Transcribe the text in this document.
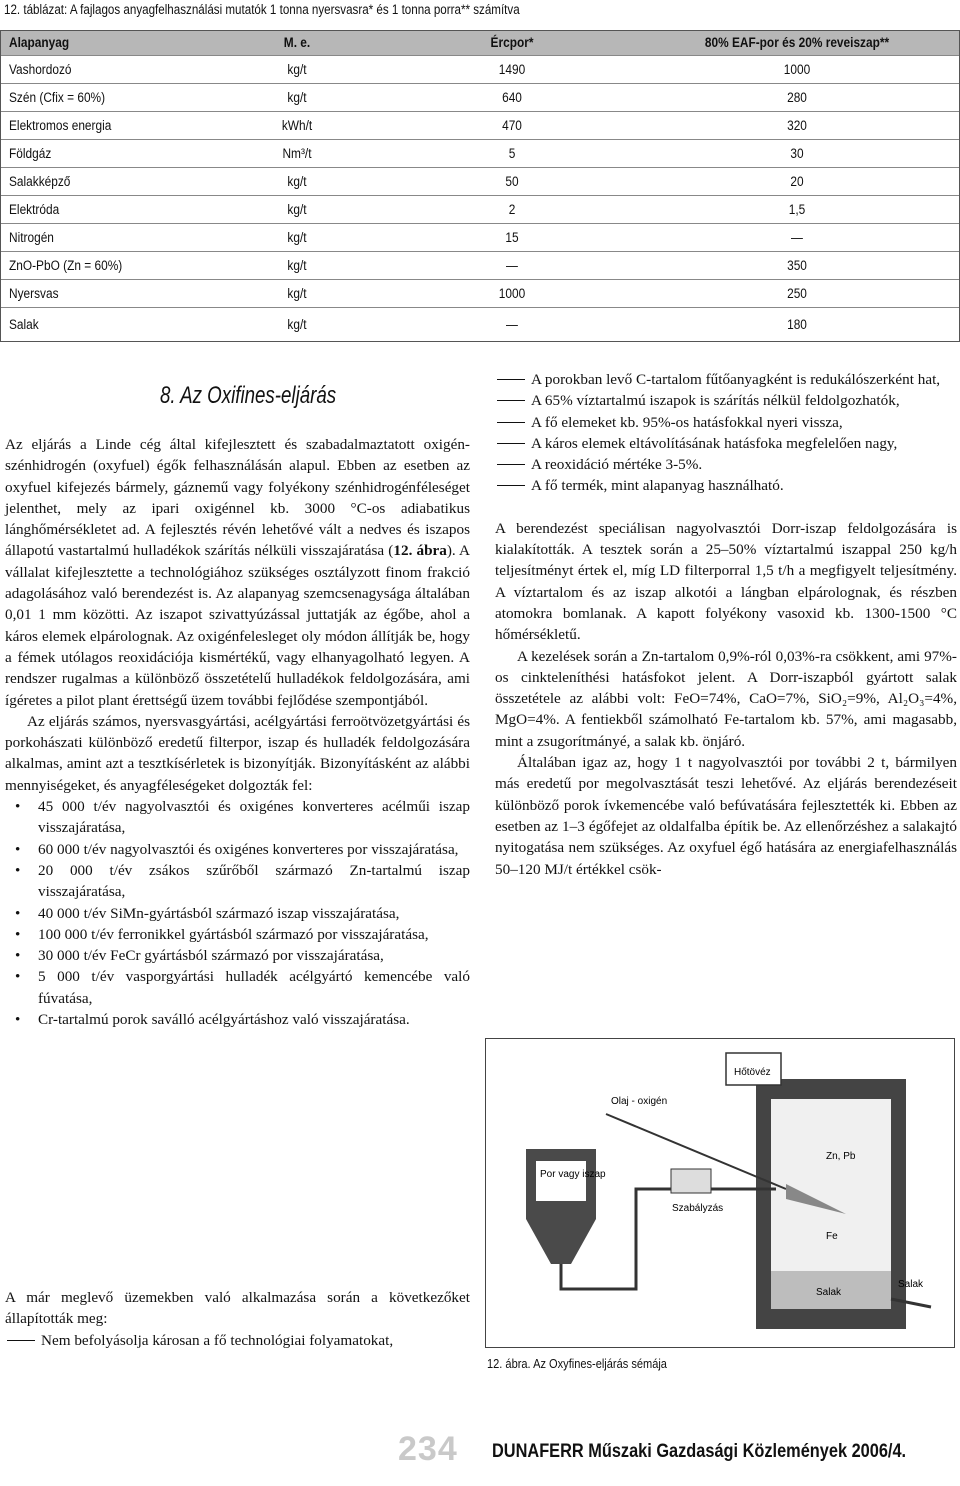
12. táblázat: A fajlagos anyagfelhasználási mutatók 1 tonna nyersvasra* és 1 tonna porra** számítva
Alapanyag	M. e.	Ércpor*	80% EAF-por és 20% reveiszap**
Vashordozó	kg/t	1490	1000
Szén (Cfix = 60%)	kg/t	640	280
Elektromos energia	kWh/t	470	320
Földgáz	Nm³/t	5	30
Salakképző	kg/t	50	20
Elektróda	kg/t	2	1,5
Nitrogén	kg/t	15	—
ZnO-PbO (Zn = 60%)	kg/t	—	350
Nyersvas	kg/t	1000	250
Salak	kg/t	—	180
8. Az Oxifines-eljárás

Az eljárás a Linde cég által kifejlesztett és szabadalmaztatott oxigén-szénhidrogén (oxyfuel) égők felhasználásán alapul. Ebben az esetben az oxyfuel kifejezés bármely, gáznemű vagy folyékony szénhidrogénféleséget jelenthet, mely az ipari oxigénnel kb. 3000 °C-os adiabatikus lánghőmérsékletet ad. A fejlesztés révén lehetővé vált a nedves és iszapos állapotú vastartalmú hulladékok szárítás nélküli visszajáratása (12. ábra). A vállalat kifejlesztette a technológiához szükséges osztályzott finom frakció adagolásához való berendezést is. Az alapanyag szemcsenagysága általában 0,01 1 mm közötti. Az iszapot szivattyúzással juttatják az égőbe, ahol a káros elemek elpárolognak. Az oxigénfelesleget oly módon állítják be, hogy a fémek utólagos reoxidációja kismértékű, vagy elhanyagolható legyen. A rendszer rugalmas a különböző összetételű hulladékok feldolgozására, ami ígéretes a pilot plant érettségű üzem további fejlődése szempontjából.

Az eljárás számos, nyersvasgyártási, acélgyártási ferroötvözetgyártási és porkohászati különböző eredetű filterpor, iszap és hulladék feldolgozására alkalmas, amint azt a tesztkísérletek is bizonyítják. Bizonyításként az alábbi mennyiségeket, és anyagféleségeket dolgozták fel:

• 45 000 t/év nagyolvasztói és oxigénes konverteres acélműi iszap visszajáratása,
• 60 000 t/év nagyolvasztói és oxigénes konverteres por visszajáratása,
• 20 000 t/év zsákos szűrőből származó Zn-tartalmú iszap visszajáratása,
• 40 000 t/év SiMn-gyártásból származó iszap visszajáratása,
• 100 000 t/év ferronikkel gyártásból származó por visszajáratása,
• 30 000 t/év FeCr gyártásból származó por visszajáratása,
• 5 000 t/év vasporgyártási hulladék acélgyártó kemencébe való fúvatása,
• Cr-tartalmú porok saválló acélgyártáshoz való visszajáratása.

A már meglevő üzemekben való alkalmazása során a következőket állapították meg:

Nem befolyásolja károsan a fő technológiai folyamatokat,
A porokban levő C-tartalom fűtőanyagként is redukálószerként hat,
A 65% víztartalmú iszapok is szárítás nélkül feldolgozhatók,
A fő elemeket kb. 95%-os hatásfokkal nyeri vissza,
A káros elemek eltávolításának hatásfoka megfelelően nagy,
A reoxidáció mértéke 3-5%.
A fő termék, mint alapanyag használható.

A berendezést speciálisan nagyolvasztói Dorr-iszap feldolgozására is kialakították. A tesztek során a 25–50% víztartalmú iszappal 250 kg/h teljesítményt értek el, míg LD filterporral 1,5 t/h a megfigyelt teljesítmény. A víztartalom és az iszap alkotói a lángban elpárolognak, és részben atomokra bomlanak. A kapott folyékony vasoxid kb. 1300-1500 °C hőmérsékletű.

A kezelések során a Zn-tartalom 0,9%-ról 0,03%-ra csökkent, ami 97%-os cinkteleníthési hatásfokot jelent. A Dorr-iszapból gyártott salak összetétele az alábbi volt: FeO=74%, CaO=7%, SiO₂=9%, Al₂O₃=4%, MgO=4%. A fentiekből számolható Fe-tartalom kb. 57%, ami magasabb, mint a zsugorítmányé, a salak kb. önjáró.

Általában igaz az, hogy 1 t nagyolvasztói por további 2 t, bármilyen más eredetű por megolvasztását teszi lehetővé. Az eljárás berendezéseit különböző porok ívkemencébe való befúvatására fejlesztették ki. Ebben az esetben az 1–3 égőfejet az oldalfalba építik be. Az ellenőrzéshez a salakajtó nyitogatása nem szükséges. Az oxyfuel égő hatására az energiafelhasználás 50–120 MJ/t értékkel csök-

Hőtövéz
Olaj - oxigén
Por vagy iszap
Szabályzás
Zn, Pb
Fe
Salak
Salak
12. ábra. Az Oxyfines-eljárás sémája
234 DUNAFERR Műszaki Gazdasági Közlemények 2006/4.
